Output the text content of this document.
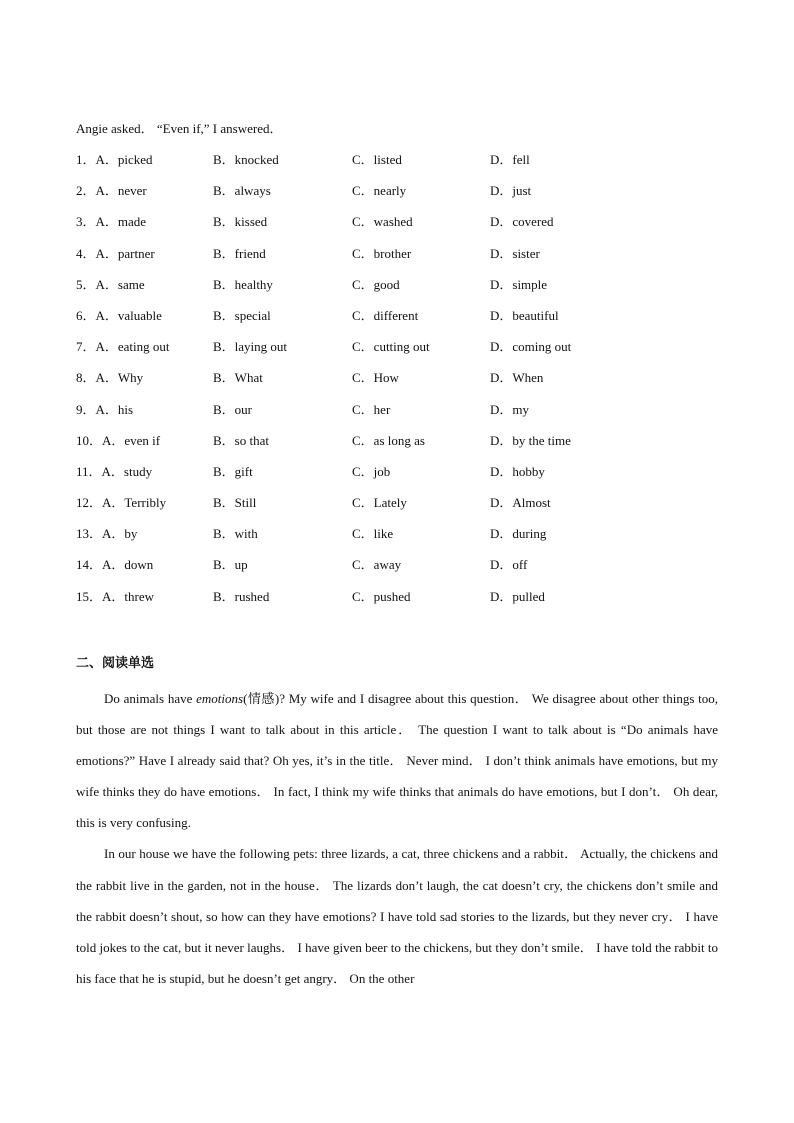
Angie asked． “Even if,” I answered．
1．A．picked	B．knocked	C．listed	D．fell
2．A．never	B．always	C．nearly	D．just
3．A．made	B．kissed	C．washed	D．covered
4．A．partner	B．friend	C．brother	D．sister
5．A．same	B．healthy	C．good	D．simple
6．A．valuable	B．special	C．different	D．beautiful
7．A．eating out	B．laying out	C．cutting out	D．coming out
8．A．Why	B．What	C．How	D．When
9．A．his	B．our	C．her	D．my
10．A．even if	B．so that	C．as long as	D．by the time
11．A．study	B．gift	C．job	D．hobby
12．A．Terribly	B．Still	C．Lately	D．Almost
13．A．by	B．with	C．like	D．during
14．A．down	B．up	C．away	D．off
15．A．threw	B．rushed	C．pushed	D．pulled
二、阅读单选

Do animals have emotions(情感)? My wife and I disagree about this question． We disagree about other things too, but those are not things I want to talk about in this article． The question I want to talk about is “Do animals have emotions?” Have I already said that? Oh yes, it’s in the title． Never mind． I don’t think animals have emotions, but my wife thinks they do have emotions． In fact, I think my wife thinks that animals do have emotions, but I don’t． Oh dear, this is very confusing.

In our house we have the following pets: three lizards, a cat, three chickens and a rabbit． Actually, the chickens and the rabbit live in the garden, not in the house． The lizards don’t laugh, the cat doesn’t cry, the chickens don’t smile and the rabbit doesn’t shout, so how can they have emotions? I have told sad stories to the lizards, but they never cry． I have told jokes to the cat, but it never laughs． I have given beer to the chickens, but they don’t smile． I have told the rabbit to his face that he is stupid, but he doesn’t get angry． On the other
